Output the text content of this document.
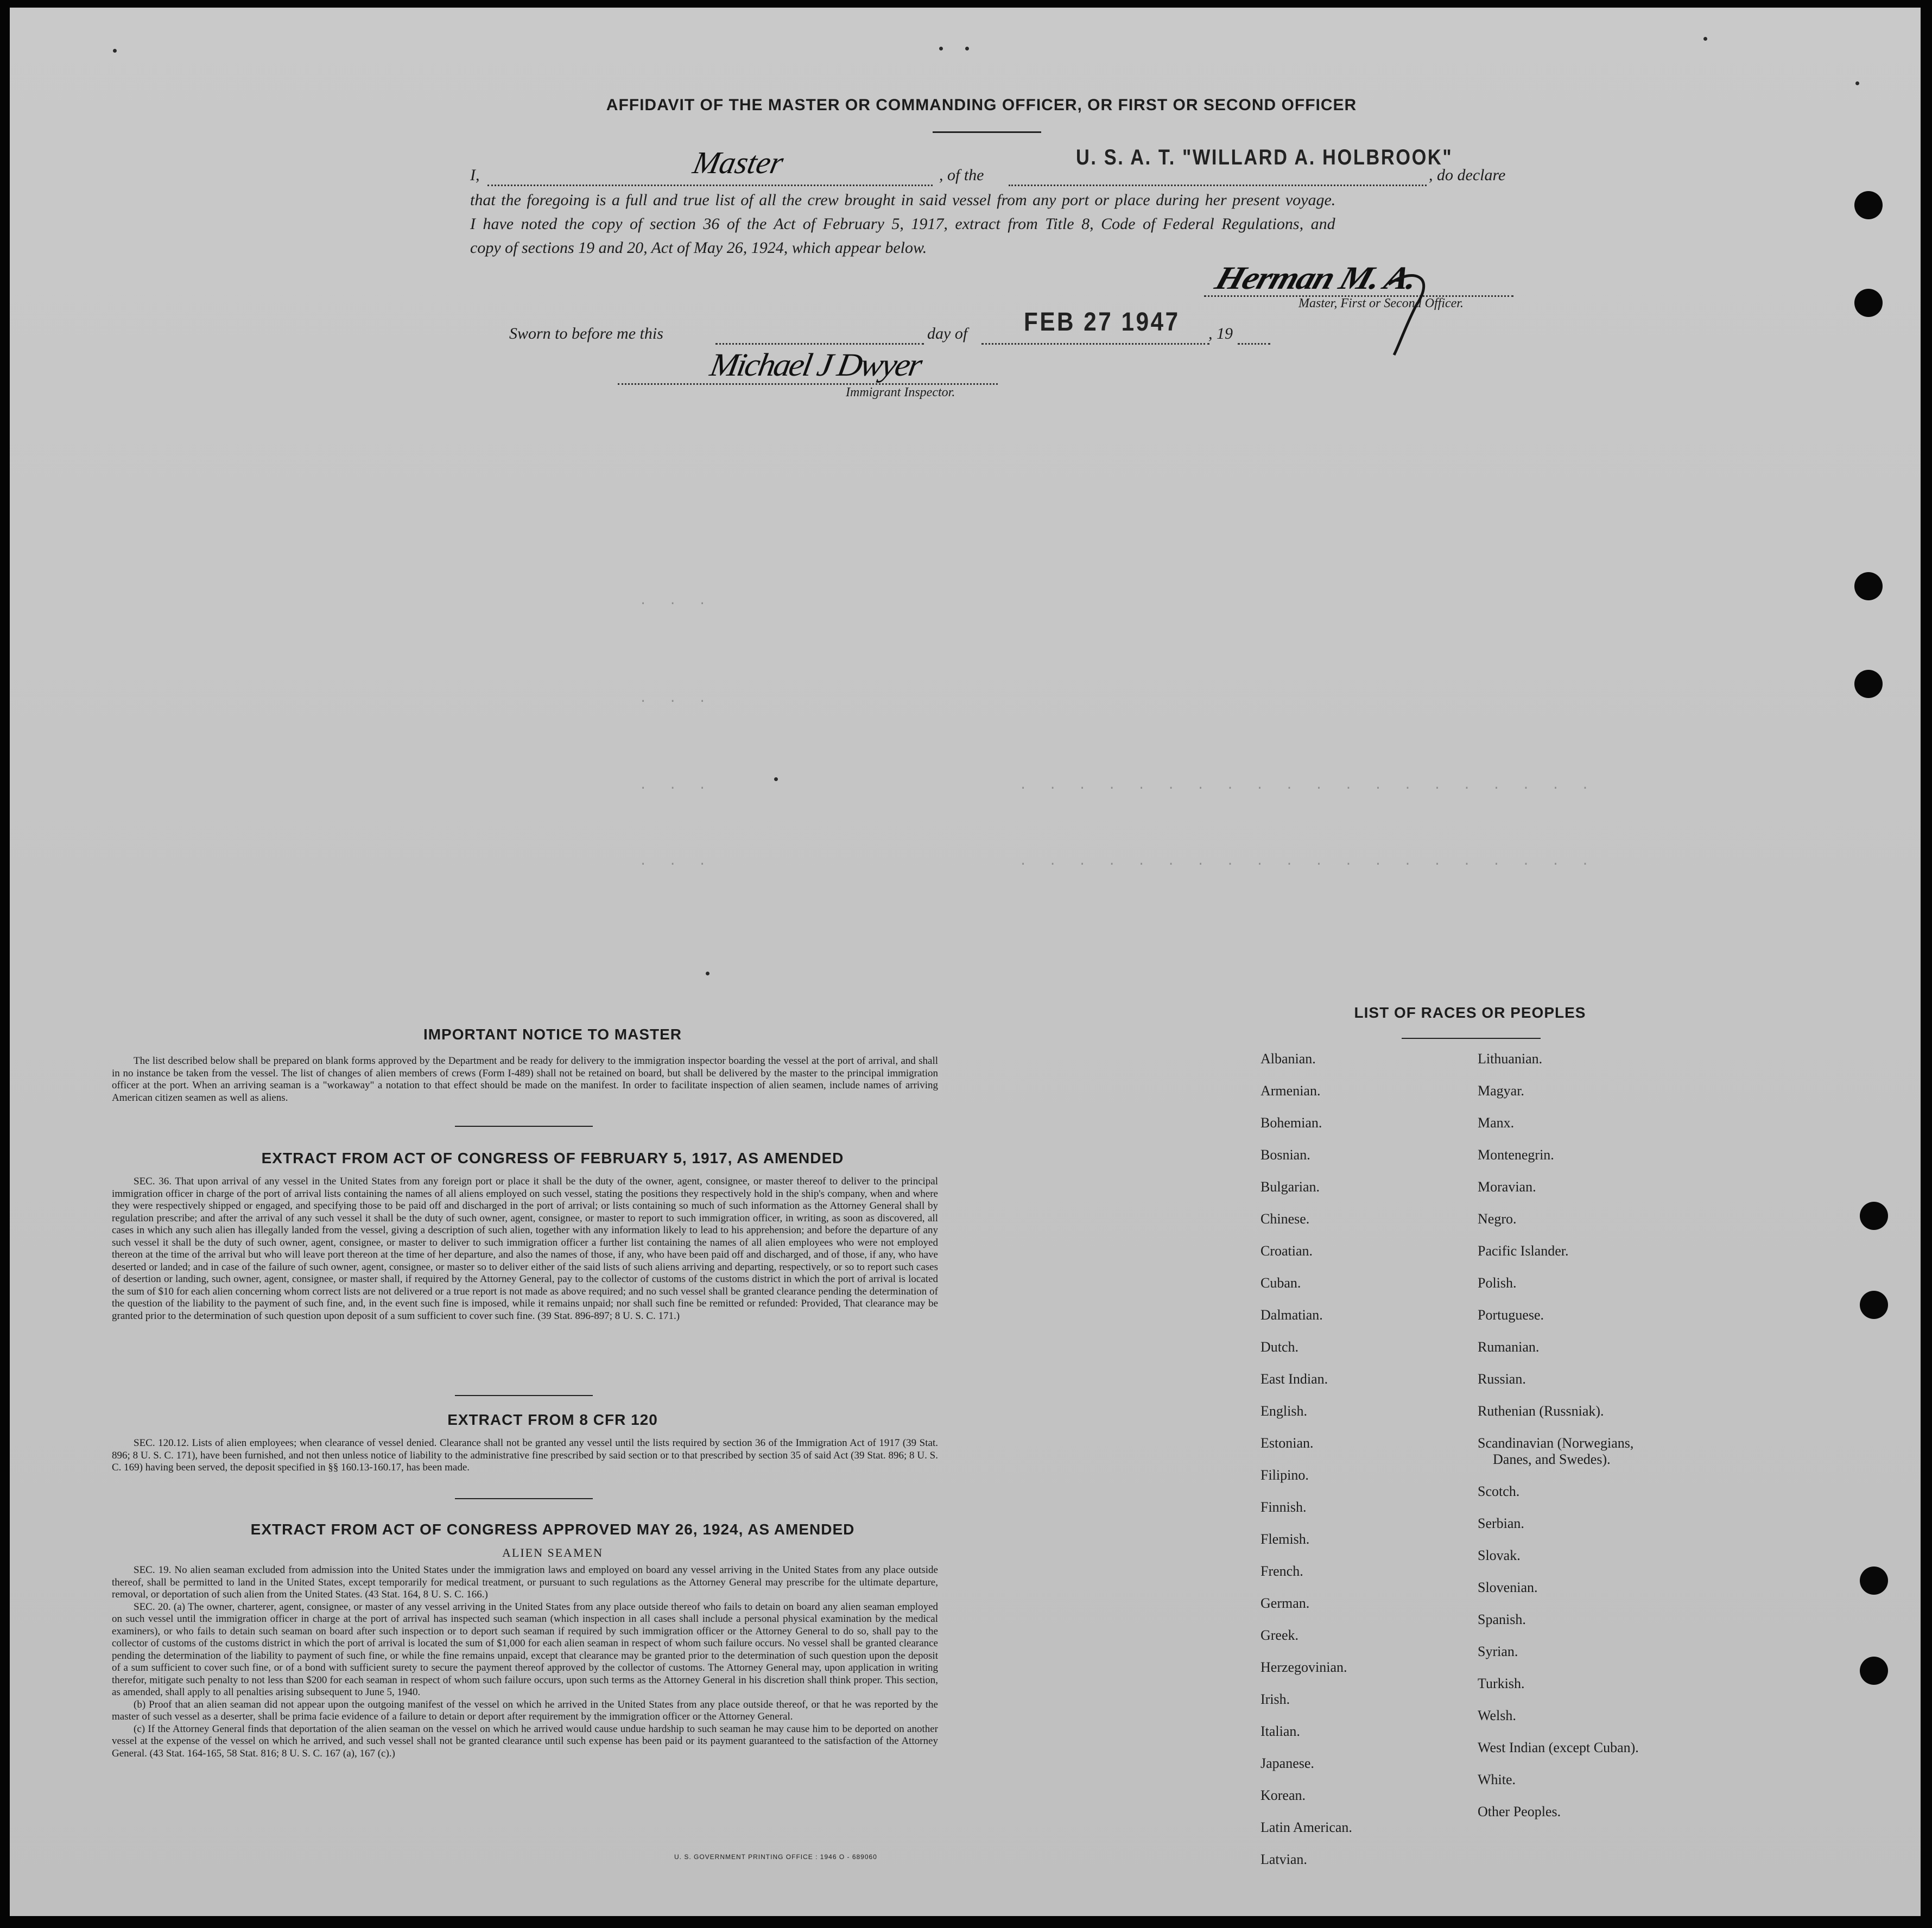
. . .
. . .
. . .
. . .
. . . . . . . . . . . . . . . . . . . .
. . . . . . . . . . . . . . . . . . . .
AFFIDAVIT OF THE MASTER OR COMMANDING OFFICER, OR FIRST OR SECOND OFFICER
I,	Master	, of the
U. S. A. T. "WILLARD A. HOLBROOK"
, do declare
that the foregoing is a full and true list of all the crew brought in said vessel from any port or place during her present voyage.
I have noted the copy of section 36 of the Act of February 5, 1917, extract from Title 8, Code of Federal Regulations, and
copy of sections 19 and 20, Act of May 26, 1924, which appear below.
Herman M. A.
Master, First or Second Officer.
Sworn to before me this	day of FEB 27 1947 , 19
Michael J Dwyer
Immigrant Inspector.
IMPORTANT NOTICE TO MASTER
The list described below shall be prepared on blank forms approved by the Department and be ready for delivery to the immigration inspector boarding the vessel at the port of arrival, and shall in no instance be taken from the vessel. The list of changes of alien members of crews (Form I-489) shall not be retained on board, but shall be delivered by the master to the principal immigration officer at the port. When an arriving seaman is a "workaway" a notation to that effect should be made on the manifest. In order to facilitate inspection of alien seamen, include names of arriving American citizen seamen as well as aliens.
EXTRACT FROM ACT OF CONGRESS OF FEBRUARY 5, 1917, AS AMENDED
SEC. 36. That upon arrival of any vessel in the United States from any foreign port or place it shall be the duty of the owner, agent, consignee, or master thereof to deliver to the principal immigration officer in charge of the port of arrival lists containing the names of all aliens employed on such vessel, stating the positions they respectively hold in the ship's company, when and where they were respectively shipped or engaged, and specifying those to be paid off and discharged in the port of arrival; or lists containing so much of such information as the Attorney General shall by regulation prescribe; and after the arrival of any such vessel it shall be the duty of such owner, agent, consignee, or master to report to such immigration officer, in writing, as soon as discovered, all cases in which any such alien has illegally landed from the vessel, giving a description of such alien, together with any information likely to lead to his apprehension; and before the departure of any such vessel it shall be the duty of such owner, agent, consignee, or master to deliver to such immigration officer a further list containing the names of all alien employees who were not employed thereon at the time of the arrival but who will leave port thereon at the time of her departure, and also the names of those, if any, who have been paid off and discharged, and of those, if any, who have deserted or landed; and in case of the failure of such owner, agent, consignee, or master so to deliver either of the said lists of such aliens arriving and departing, respectively, or so to report such cases of desertion or landing, such owner, agent, consignee, or master shall, if required by the Attorney General, pay to the collector of customs of the customs district in which the port of arrival is located the sum of $10 for each alien concerning whom correct lists are not delivered or a true report is not made as above required; and no such vessel shall be granted clearance pending the determination of the question of the liability to the payment of such fine, and, in the event such fine is imposed, while it remains unpaid; nor shall such fine be remitted or refunded: Provided, That clearance may be granted prior to the determination of such question upon deposit of a sum sufficient to cover such fine. (39 Stat. 896-897; 8 U. S. C. 171.)
EXTRACT FROM 8 CFR 120
SEC. 120.12. Lists of alien employees; when clearance of vessel denied. Clearance shall not be granted any vessel until the lists required by section 36 of the Immigration Act of 1917 (39 Stat. 896; 8 U. S. C. 171), have been furnished, and not then unless notice of liability to the administrative fine prescribed by said section or to that prescribed by section 35 of said Act (39 Stat. 896; 8 U. S. C. 169) having been served, the deposit specified in §§ 160.13-160.17, has been made.
EXTRACT FROM ACT OF CONGRESS APPROVED MAY 26, 1924, AS AMENDED
ALIEN SEAMEN

SEC. 19. No alien seaman excluded from admission into the United States under the immigration laws and employed on board any vessel arriving in the United States from any place outside thereof, shall be permitted to land in the United States, except temporarily for medical treatment, or pursuant to such regulations as the Attorney General may prescribe for the ultimate departure, removal, or deportation of such alien from the United States. (43 Stat. 164, 8 U. S. C. 166.)

SEC. 20. (a) The owner, charterer, agent, consignee, or master of any vessel arriving in the United States from any place outside thereof who fails to detain on board any alien seaman employed on such vessel until the immigration officer in charge at the port of arrival has inspected such seaman (which inspection in all cases shall include a personal physical examination by the medical examiners), or who fails to detain such seaman on board after such inspection or to deport such seaman if required by such immigration officer or the Attorney General to do so, shall pay to the collector of customs of the customs district in which the port of arrival is located the sum of $1,000 for each alien seaman in respect of whom such failure occurs. No vessel shall be granted clearance pending the determination of the liability to payment of such fine, or while the fine remains unpaid, except that clearance may be granted prior to the determination of such question upon the deposit of a sum sufficient to cover such fine, or of a bond with sufficient surety to secure the payment thereof approved by the collector of customs. The Attorney General may, upon application in writing therefor, mitigate such penalty to not less than $200 for each seaman in respect of whom such failure occurs, upon such terms as the Attorney General in his discretion shall think proper. This section, as amended, shall apply to all penalties arising subsequent to June 5, 1940.

(b) Proof that an alien seaman did not appear upon the outgoing manifest of the vessel on which he arrived in the United States from any place outside thereof, or that he was reported by the master of such vessel as a deserter, shall be prima facie evidence of a failure to detain or deport after requirement by the immigration officer or the Attorney General.

(c) If the Attorney General finds that deportation of the alien seaman on the vessel on which he arrived would cause undue hardship to such seaman he may cause him to be deported on another vessel at the expense of the vessel on which he arrived, and such vessel shall not be granted clearance until such expense has been paid or its payment guaranteed to the satisfaction of the Attorney General. (43 Stat. 164-165, 58 Stat. 816; 8 U. S. C. 167 (a), 167 (c).)

U. S. GOVERNMENT PRINTING OFFICE : 1946 O - 689060
LIST OF RACES OR PEOPLES
Albanian.
Armenian.
Bohemian.
Bosnian.
Bulgarian.
Chinese.
Croatian.
Cuban.
Dalmatian.
Dutch.
East Indian.
English.
Estonian.
Filipino.
Finnish.
Flemish.
French.
German.
Greek.
Herzegovinian.
Irish.
Italian.
Japanese.
Korean.
Latin American.
Latvian.
Lithuanian.
Magyar.
Manx.
Montenegrin.
Moravian.
Negro.
Pacific Islander.
Polish.
Portuguese.
Rumanian.
Russian.
Ruthenian (Russniak).
Scandinavian (Norwegians,
Danes, and Swedes).
Scotch.
Serbian.
Slovak.
Slovenian.
Spanish.
Syrian.
Turkish.
Welsh.
West Indian (except Cuban).
White.
Other Peoples.
